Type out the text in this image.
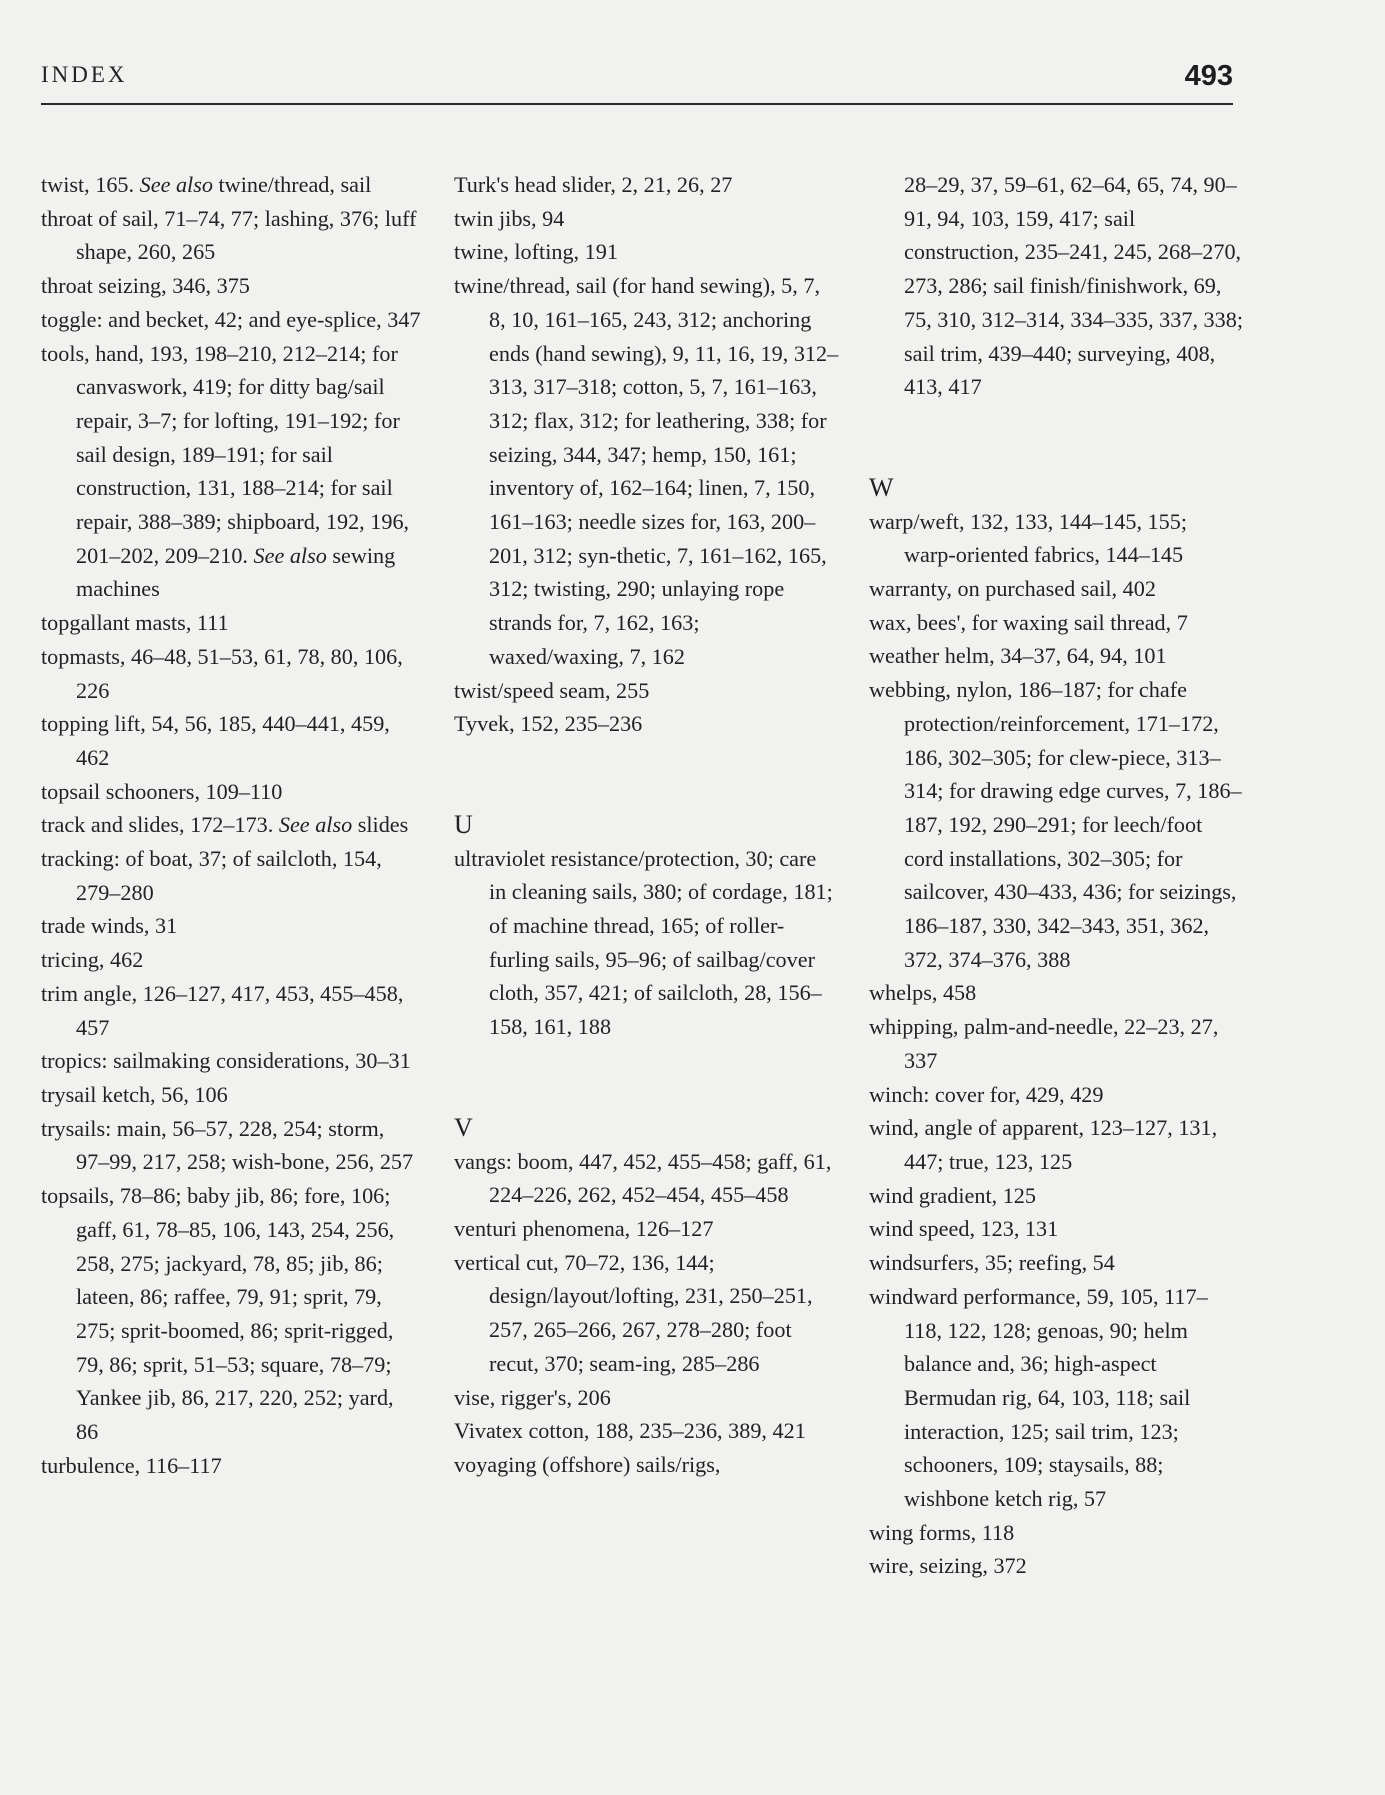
INDEX	493

twist, 165. See also twine/thread, sail

throat of sail, 71–74, 77; lashing, 376; luff shape, 260, 265

throat seizing, 346, 375

toggle: and becket, 42; and eye-splice, 347

tools, hand, 193, 198–210, 212–214; for canvaswork, 419; for ditty bag/sail repair, 3–7; for lofting, 191–192; for sail design, 189–191; for sail construction, 131, 188–214; for sail repair, 388–389; shipboard, 192, 196, 201–202, 209–210. See also sewing machines

topgallant masts, 111

topmasts, 46–48, 51–53, 61, 78, 80, 106, 226

topping lift, 54, 56, 185, 440–441, 459, 462

topsail schooners, 109–110

track and slides, 172–173. See also slides

tracking: of boat, 37; of sailcloth, 154, 279–280

trade winds, 31

tricing, 462

trim angle, 126–127, 417, 453, 455–458, 457

tropics: sailmaking considerations, 30–31

trysail ketch, 56, 106

trysails: main, 56–57, 228, 254; storm, 97–99, 217, 258; wish-bone, 256, 257

topsails, 78–86; baby jib, 86; fore, 106; gaff, 61, 78–85, 106, 143, 254, 256, 258, 275; jackyard, 78, 85; jib, 86; lateen, 86; raffee, 79, 91; sprit, 79, 275; sprit-boomed, 86; sprit-rigged, 79, 86; sprit, 51–53; square, 78–79; Yankee jib, 86, 217, 220, 252; yard, 86

turbulence, 116–117

Turk's head slider, 2, 21, 26, 27

twin jibs, 94

twine, lofting, 191

twine/thread, sail (for hand sewing), 5, 7, 8, 10, 161–165, 243, 312; anchoring ends (hand sewing), 9, 11, 16, 19, 312–313, 317–318; cotton, 5, 7, 161–163, 312; flax, 312; for leathering, 338; for seizing, 344, 347; hemp, 150, 161; inventory of, 162–164; linen, 7, 150, 161–163; needle sizes for, 163, 200–201, 312; syn-thetic, 7, 161–162, 165, 312; twisting, 290; unlaying rope strands for, 7, 162, 163; waxed/waxing, 7, 162

twist/speed seam, 255

Tyvek, 152, 235–236

U

ultraviolet resistance/protection, 30; care in cleaning sails, 380; of cordage, 181; of machine thread, 165; of roller-furling sails, 95–96; of sailbag/cover cloth, 357, 421; of sailcloth, 28, 156–158, 161, 188

V

vangs: boom, 447, 452, 455–458; gaff, 61, 224–226, 262, 452–454, 455–458

venturi phenomena, 126–127

vertical cut, 70–72, 136, 144; design/layout/lofting, 231, 250–251, 257, 265–266, 267, 278–280; foot recut, 370; seam-ing, 285–286

vise, rigger's, 206

Vivatex cotton, 188, 235–236, 389, 421

voyaging (offshore) sails/rigs,

28–29, 37, 59–61, 62–64, 65, 74, 90–91, 94, 103, 159, 417; sail construction, 235–241, 245, 268–270, 273, 286; sail finish/finishwork, 69, 75, 310, 312–314, 334–335, 337, 338; sail trim, 439–440; surveying, 408, 413, 417

W

warp/weft, 132, 133, 144–145, 155; warp-oriented fabrics, 144–145

warranty, on purchased sail, 402

wax, bees', for waxing sail thread, 7

weather helm, 34–37, 64, 94, 101

webbing, nylon, 186–187; for chafe protection/reinforcement, 171–172, 186, 302–305; for clew-piece, 313–314; for drawing edge curves, 7, 186–187, 192, 290–291; for leech/foot cord installations, 302–305; for sailcover, 430–433, 436; for seizings, 186–187, 330, 342–343, 351, 362, 372, 374–376, 388

whelps, 458

whipping, palm-and-needle, 22–23, 27, 337

winch: cover for, 429, 429

wind, angle of apparent, 123–127, 131, 447; true, 123, 125

wind gradient, 125

wind speed, 123, 131

windsurfers, 35; reefing, 54

windward performance, 59, 105, 117–118, 122, 128; genoas, 90; helm balance and, 36; high-aspect Bermudan rig, 64, 103, 118; sail interaction, 125; sail trim, 123; schooners, 109; staysails, 88; wishbone ketch rig, 57

wing forms, 118

wire, seizing, 372
